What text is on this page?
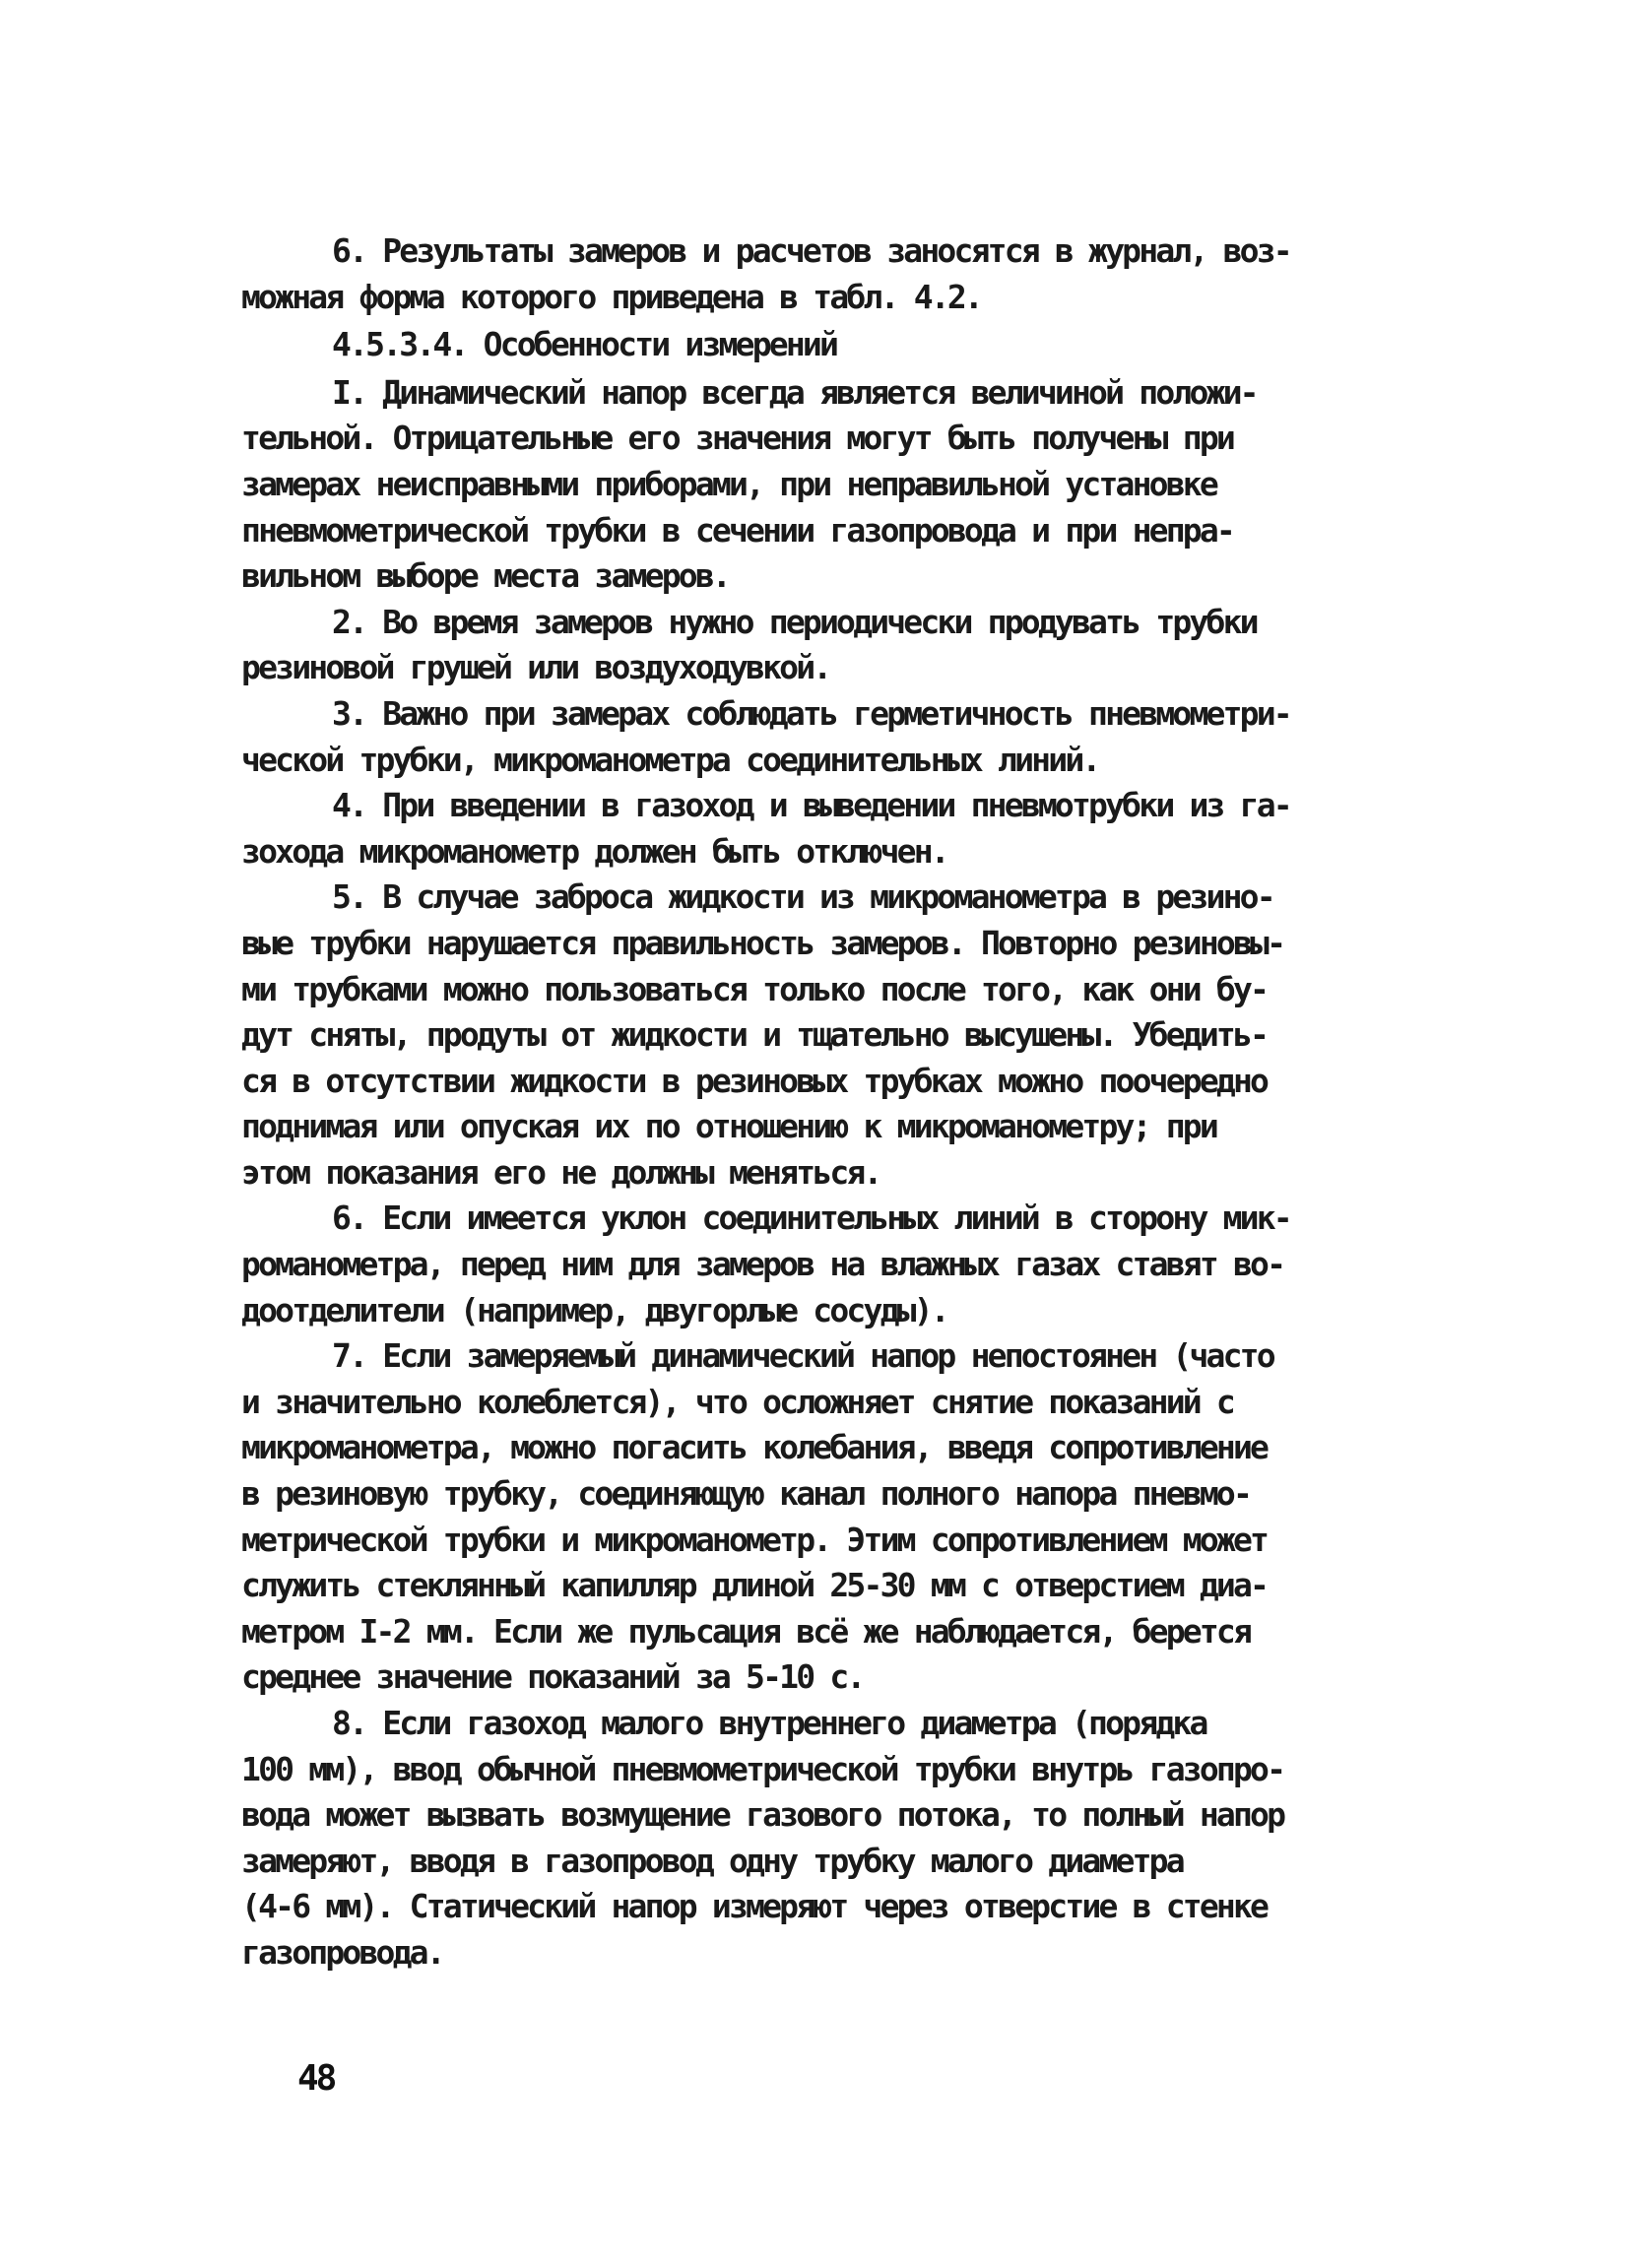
6. Результаты замеров и расчетов заносятся в журнал, воз-
можная форма которого приведена в табл. 4.2.
4.5.3.4. Особенности измерений
I. Динамический напор всегда является величиной положи-
тельной. Отрицательные его значения могут быть получены при
замерах неисправными приборами, при неправильной установке
пневмометрической трубки в сечении газопровода и при непра-
вильном выборе места замеров.
2. Во время замеров нужно периодически продувать трубки
резиновой грушей или воздуходувкой.
3. Важно при замерах соблюдать герметичность пневмометри-
ческой трубки, микроманометра соединительных линий.
4. При введении в газоход и выведении пневмотрубки из га-
зохода микроманометр должен быть отключен.
5. В случае заброса жидкости из микроманометра в резино-
вые трубки нарушается правильность замеров. Повторно резиновы-
ми трубками можно пользоваться только после того, как они бу-
дут сняты, продуты от жидкости и тщательно высушены. Убедить-
ся в отсутствии жидкости в резиновых трубках можно поочередно
поднимая или опуская их по отношению к микроманометру; при
этом показания его не должны меняться.
6. Если имеется уклон соединительных линий в сторону мик-
романометра, перед ним для замеров на влажных газах ставят во-
доотделители (например, двугорлые сосуды).
7. Если замеряемый динамический напор непостоянен (часто
и значительно колеблется), что осложняет снятие показаний с
микроманометра, можно погасить колебания, введя сопротивление
в резиновую трубку, соединяющую канал полного напора пневмо-
метрической трубки и микроманометр. Этим сопротивлением может
служить стеклянный капилляр длиной 25-30 мм с отверстием диа-
метром I-2 мм. Если же пульсация всё же наблюдается, берется
среднее значение показаний за 5-10 с.
8. Если газоход малого внутреннего диаметра (порядка
100 мм), ввод обычной пневмометрической трубки внутрь газопро-
вода может вызвать возмущение газового потока, то полный напор
замеряют, вводя в газопровод одну трубку малого диаметра
(4-6 мм). Статический напор измеряют через отверстие в стенке
газопровода.
48
